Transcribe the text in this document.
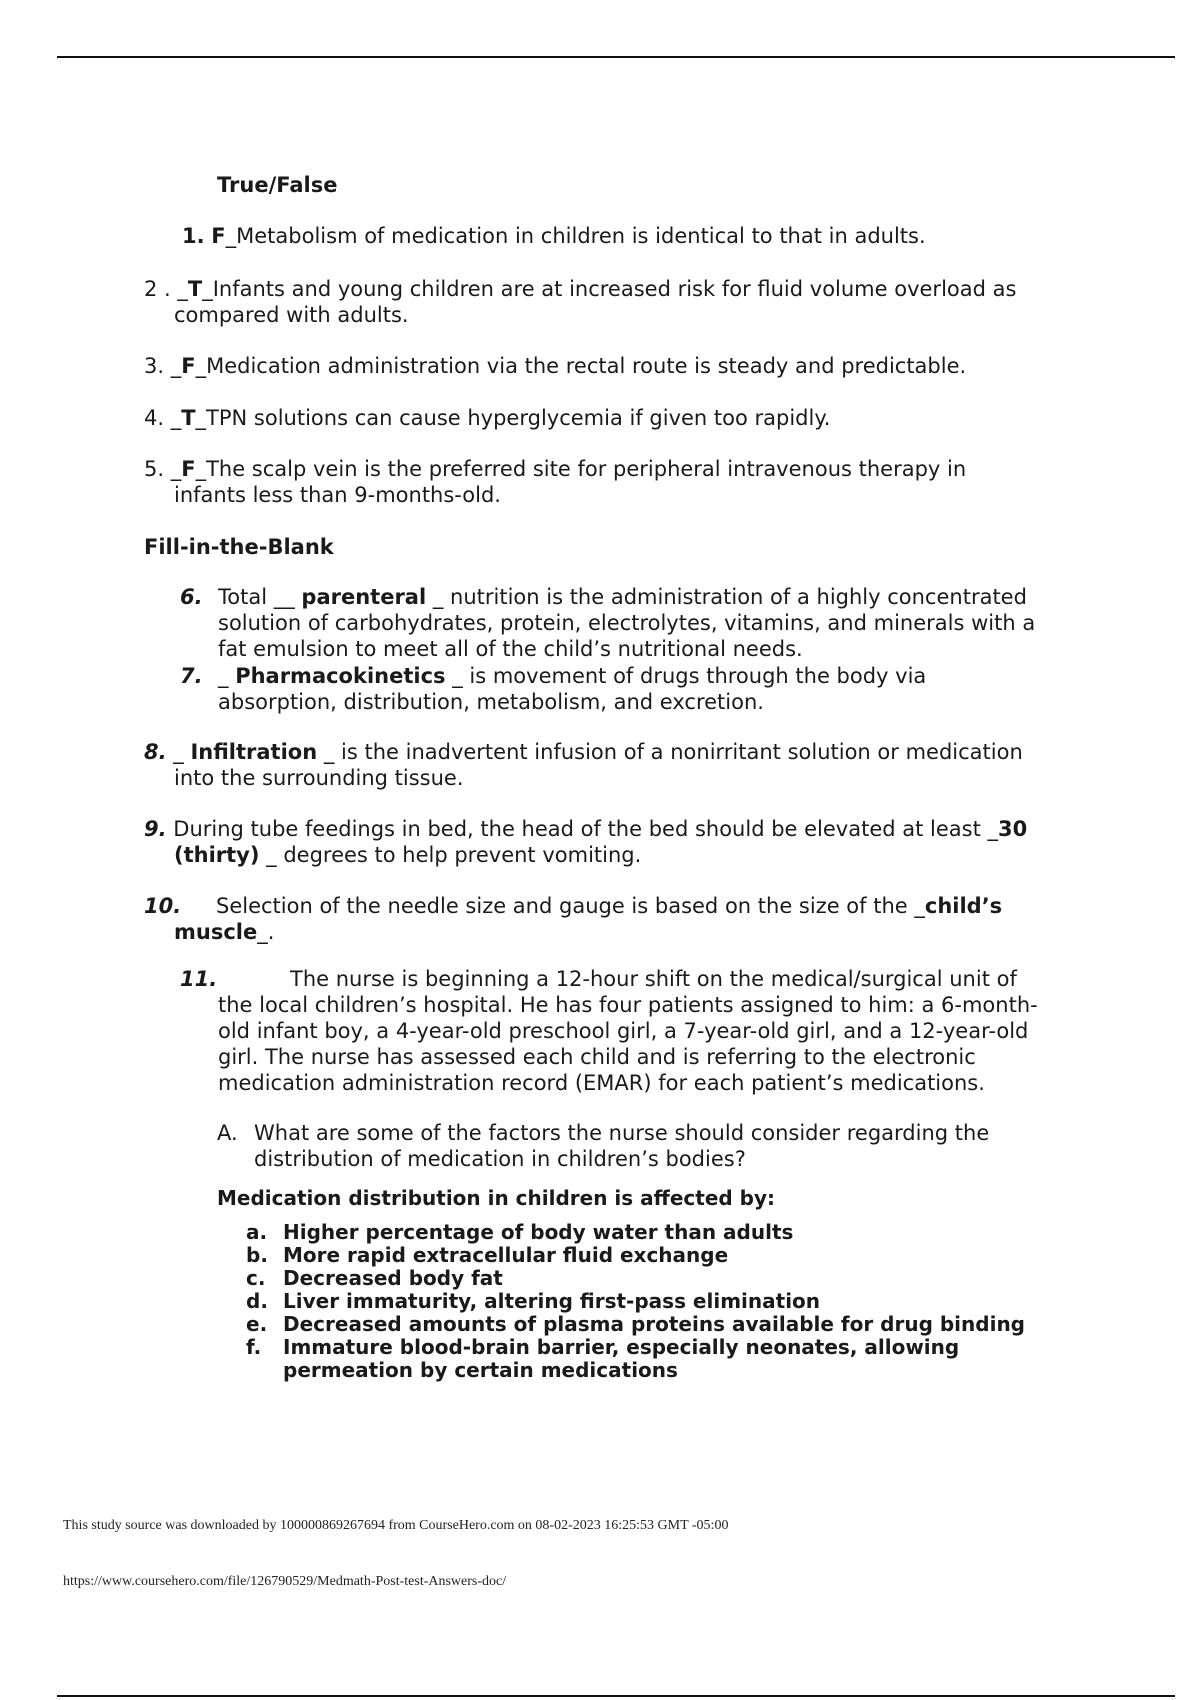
True/False
1. F_Metabolism of medication in children is identical to that in adults.
2 . _T_Infants and young children are at increased risk for fluid volume overload as
compared with adults.
3. _F_Medication administration via the rectal route is steady and predictable.
4. _T_TPN solutions can cause hyperglycemia if given too rapidly.
5. _F_The scalp vein is the preferred site for peripheral intravenous therapy in
infants less than 9-months-old.
Fill-in-the-Blank
6. Total __ parenteral _ nutrition is the administration of a highly concentrated
solution of carbohydrates, protein, electrolytes, vitamins, and minerals with a
fat emulsion to meet all of the child’s nutritional needs.
7. _ Pharmacokinetics _ is movement of drugs through the body via
absorption, distribution, metabolism, and excretion.
8. _ Infiltration _ is the inadvertent infusion of a nonirritant solution or medication
into the surrounding tissue.
9. During tube feedings in bed, the head of the bed should be elevated at least _30
(thirty) _ degrees to help prevent vomiting.
10. Selection of the needle size and gauge is based on the size of the _child’s

muscle_.
11.	The nurse is beginning a 12-hour shift on the medical/surgical unit of
the local children’s hospital. He has four patients assigned to him: a 6-month-
old infant boy, a 4-year-old preschool girl, a 7-year-old girl, and a 12-year-old
girl. The nurse has assessed each child and is referring to the electronic
medication administration record (EMAR) for each patient’s medications.
A. What are some of the factors the nurse should consider regarding the

distribution of medication in children’s bodies?
Medication distribution in children is affected by:
a. Higher percentage of body water than adults
b. More rapid extracellular fluid exchange
c. Decreased body fat
d. Liver immaturity, altering first-pass elimination
e. Decreased amounts of plasma proteins available for drug binding
f.	Immature blood-brain barrier, especially neonates, allowing
permeation by certain medications
This study source was downloaded by 100000869267694 from CourseHero.com on 08-02-2023 16:25:53 GMT -05:00
https://www.coursehero.com/file/126790529/Medmath-Post-test-Answers-doc/
